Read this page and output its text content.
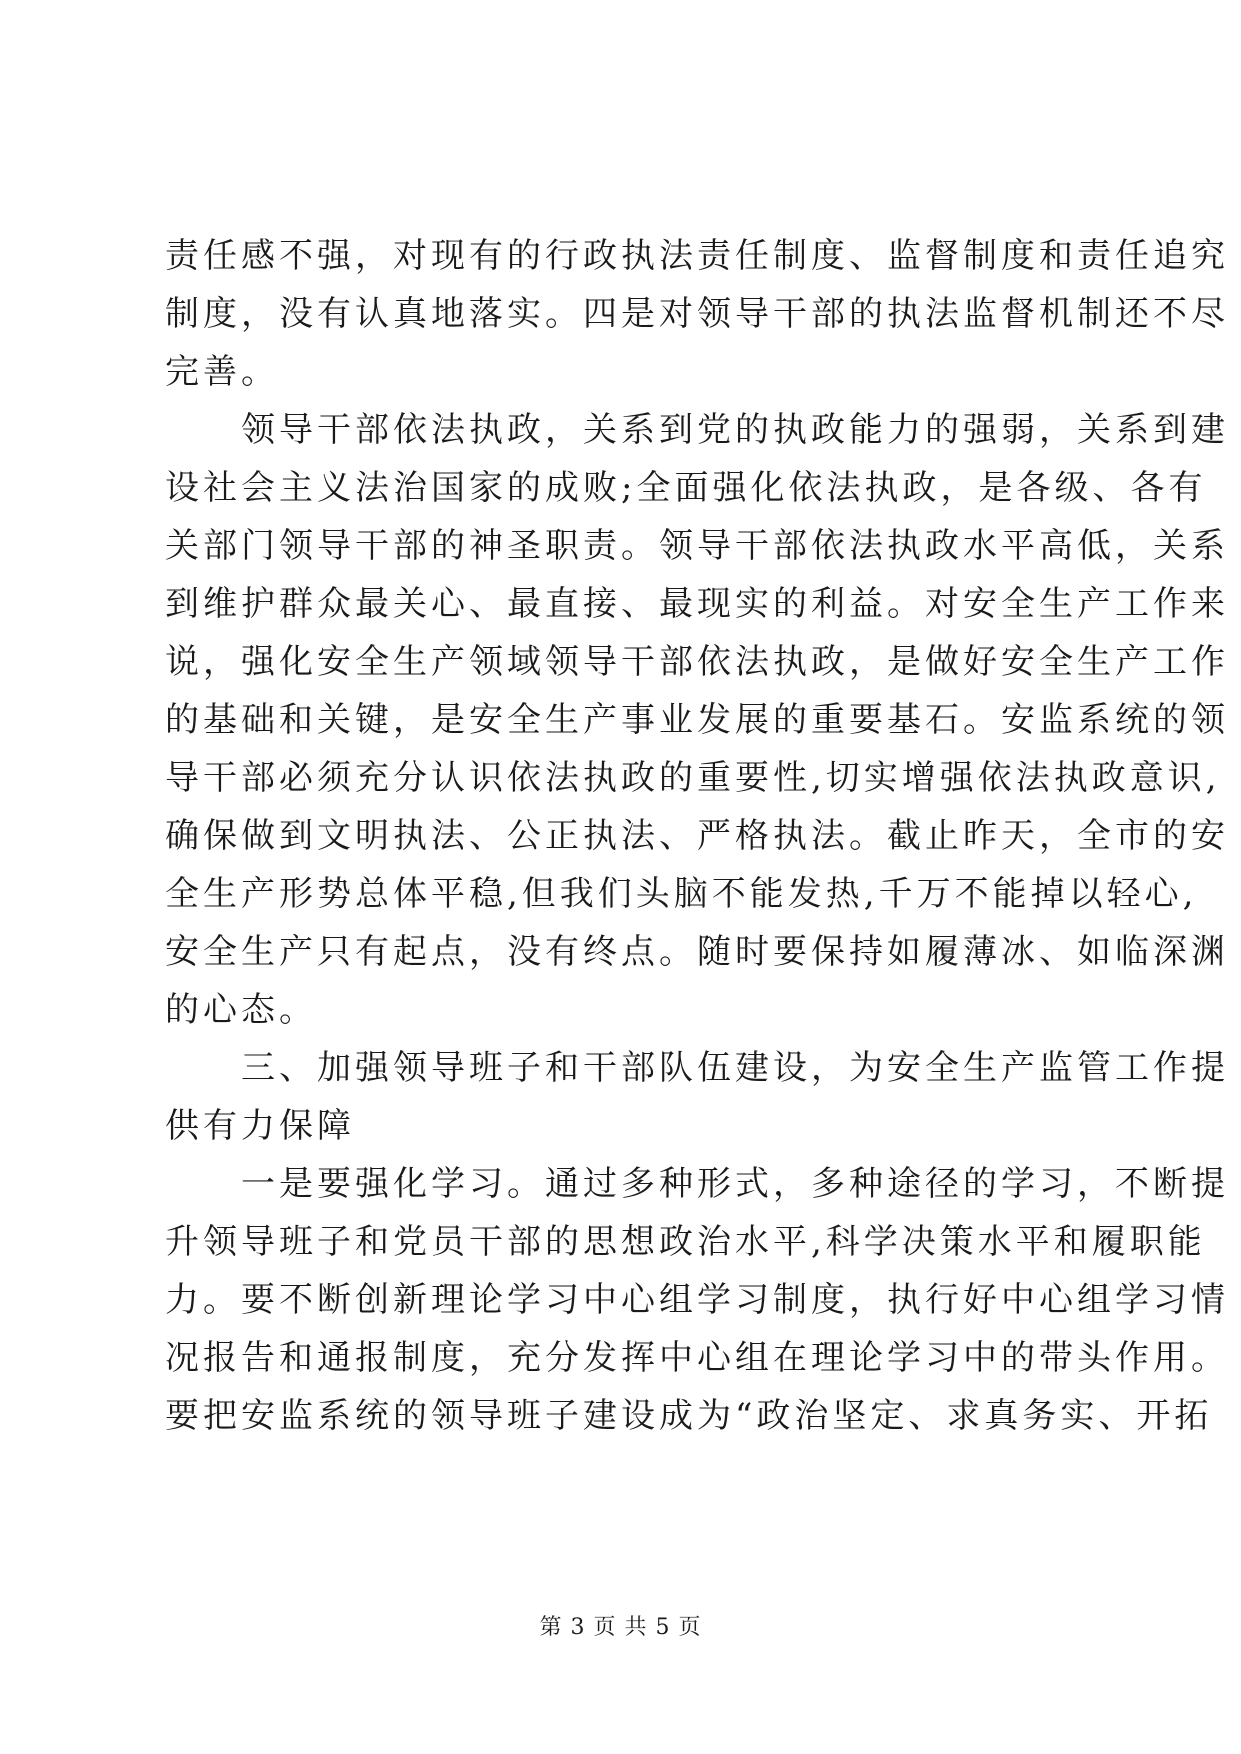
责任感不强，对现有的行政执法责任制度、监督制度和责任追究
制度，没有认真地落实。四是对领导干部的执法监督机制还不尽
完善。
　　领导干部依法执政，关系到党的执政能力的强弱，关系到建
设社会主义法治国家的成败;全面强化依法执政，是各级、各有
关部门领导干部的神圣职责。领导干部依法执政水平高低，关系
到维护群众最关心、最直接、最现实的利益。对安全生产工作来
说，强化安全生产领域领导干部依法执政，是做好安全生产工作
的基础和关键，是安全生产事业发展的重要基石。安监系统的领
导干部必须充分认识依法执政的重要性,切实增强依法执政意识,
确保做到文明执法、公正执法、严格执法。截止昨天，全市的安
全生产形势总体平稳,但我们头脑不能发热,千万不能掉以轻心,
安全生产只有起点，没有终点。随时要保持如履薄冰、如临深渊
的心态。
　　三、加强领导班子和干部队伍建设，为安全生产监管工作提
供有力保障
　　一是要强化学习。通过多种形式，多种途径的学习，不断提
升领导班子和党员干部的思想政治水平,科学决策水平和履职能
力。要不断创新理论学习中心组学习制度，执行好中心组学习情
况报告和通报制度，充分发挥中心组在理论学习中的带头作用。
要把安监系统的领导班子建设成为“政治坚定、求真务实、开拓
第 3 页 共 5 页
